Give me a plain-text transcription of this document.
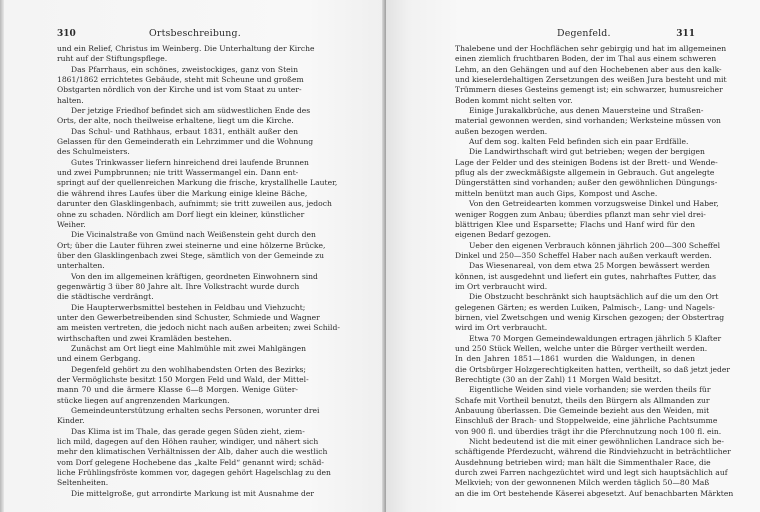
310	Ortsbeschreibung.
und ein Relief, Christus im Weinberg. Die Unterhaltung der Kirche
ruht auf der Stiftungspflege.
Das Pfarrhaus, ein schönes, zweistockiges, ganz von Stein
1861/1862 errichtetes Gebäude, steht mit Scheune und großem
Obstgarten nördlich von der Kirche und ist vom Staat zu unter-
halten.
Der jetzige Friedhof befindet sich am südwestlichen Ende des
Orts, der alte, noch theilweise erhaltene, liegt um die Kirche.
Das Schul- und Rathhaus, erbaut 1831, enthält außer den
Gelassen für den Gemeinderath ein Lehrzimmer und die Wohnung
des Schulmeisters.
Gutes Trinkwasser liefern hinreichend drei laufende Brunnen
und zwei Pumpbrunnen; nie tritt Wassermangel ein. Dann ent-
springt auf der quellenreichen Markung die frische, krystallhelle Lauter,
die während ihres Laufes über die Markung einige kleine Bäche,
darunter den Glasklingenbach, aufnimmt; sie tritt zuweilen aus, jedoch
ohne zu schaden. Nördlich am Dorf liegt ein kleiner, künstlicher
Weiher.
Die Vicinalstraße von Gmünd nach Weißenstein geht durch den
Ort; über die Lauter führen zwei steinerne und eine hölzerne Brücke,
über den Glasklingenbach zwei Stege, sämtlich von der Gemeinde zu
unterhalten.
Von den im allgemeinen kräftigen, geordneten Einwohnern sind
gegenwärtig 3 über 80 Jahre alt. Ihre Volkstracht wurde durch
die städtische verdrängt.
Die Haupterwerbsmittel bestehen in Feldbau und Viehzucht;
unter den Gewerbetreibenden sind Schuster, Schmiede und Wagner
am meisten vertreten, die jedoch nicht nach außen arbeiten; zwei Schild-
wirthschaften und zwei Kramläden bestehen.
Zunächst am Ort liegt eine Mahlmühle mit zwei Mahlgängen
und einem Gerbgang.
Degenfeld gehört zu den wohlhabendsten Orten des Bezirks;
der Vermöglichste besitzt 150 Morgen Feld und Wald, der Mittel-
mann 70 und die ärmere Klasse 6—8 Morgen. Wenige Güter-
stücke liegen auf angrenzenden Markungen.
Gemeindeunterstützung erhalten sechs Personen, worunter drei
Kinder.
Das Klima ist im Thale, das gerade gegen Süden zieht, ziem-
lich mild, dagegen auf den Höhen rauher, windiger, und nähert sich
mehr den klimatischen Verhältnissen der Alb, daher auch die westlich
vom Dorf gelegene Hochebene das „kalte Feld“ genannt wird; schäd-
liche Frühlingsfröste kommen vor, dagegen gehört Hagelschlag zu den
Seltenheiten.
Die mittelgroße, gut arrondirte Markung ist mit Ausnahme der
Degenfeld.	311
Thalebene und der Hochflächen sehr gebirgig und hat im allgemeinen
einen ziemlich fruchtbaren Boden, der im Thal aus einem schweren
Lehm, an den Gehängen und auf den Hochebenen aber aus den kalk-
und kieselerdehaltigen Zersetzungen des weißen Jura besteht und mit
Trümmern dieses Gesteins gemengt ist; ein schwarzer, humusreicher
Boden kommt nicht selten vor.
Einige Jurakalkbrüche, aus denen Mauersteine und Straßen-
material gewonnen werden, sind vorhanden; Werksteine müssen von
außen bezogen werden.
Auf dem sog. kalten Feld befinden sich ein paar Erdfälle.
Die Landwirthschaft wird gut betrieben; wegen der bergigen
Lage der Felder und des steinigen Bodens ist der Brett- und Wende-
pflug als der zweckmäßigste allgemein in Gebrauch. Gut angelegte
Düngerstätten sind vorhanden; außer den gewöhnlichen Düngungs-
mitteln benützt man auch Gips, Kompost und Asche.
Von den Getreidearten kommen vorzugsweise Dinkel und Haber,
weniger Roggen zum Anbau; überdies pflanzt man sehr viel drei-
blättrigen Klee und Esparsette; Flachs und Hanf wird für den
eigenen Bedarf gezogen.
Ueber den eigenen Verbrauch können jährlich 200—300 Scheffel
Dinkel und 250—350 Scheffel Haber nach außen verkauft werden.
Das Wiesenareal, von dem etwa 25 Morgen bewässert werden
können, ist ausgedehnt und liefert ein gutes, nahrhaftes Futter, das
im Ort verbraucht wird.
Die Obstzucht beschränkt sich hauptsächlich auf die um den Ort
gelegenen Gärten; es werden Luiken, Palmisch-, Lang- und Nagels-
birnen, viel Zwetschgen und wenig Kirschen gezogen; der Obstertrag
wird im Ort verbraucht.
Etwa 70 Morgen Gemeindewaldungen ertragen jährlich 5 Klafter
und 250 Stück Wellen, welche unter die Bürger vertheilt werden.
In den Jahren 1851—1861 wurden die Waldungen, in denen
die Ortsbürger Holzgerechtigkeiten hatten, vertheilt, so daß jetzt jeder
Berechtigte (30 an der Zahl) 11 Morgen Wald besitzt.
Eigentliche Weiden sind viele vorhanden; sie werden theils für
Schafe mit Vortheil benutzt, theils den Bürgern als Allmanden zur
Anbauung überlassen. Die Gemeinde bezieht aus den Weiden, mit
Einschluß der Brach- und Stoppelweide, eine jährliche Pachtsumme
von 900 fl. und überdies trägt ihr die Pferchnutzung noch 100 fl. ein.
Nicht bedeutend ist die mit einer gewöhnlichen Landrace sich be-
schäftigende Pferdezucht, während die Rindviehzucht in beträchtlicher
Ausdehnung betrieben wird; man hält die Simmenthaler Race, die
durch zwei Farren nachgezüchtet wird und legt sich hauptsächlich auf
Melkvieh; von der gewonnenen Milch werden täglich 50—80 Maß
an die im Ort bestehende Käserei abgesetzt. Auf benachbarten Märkten
